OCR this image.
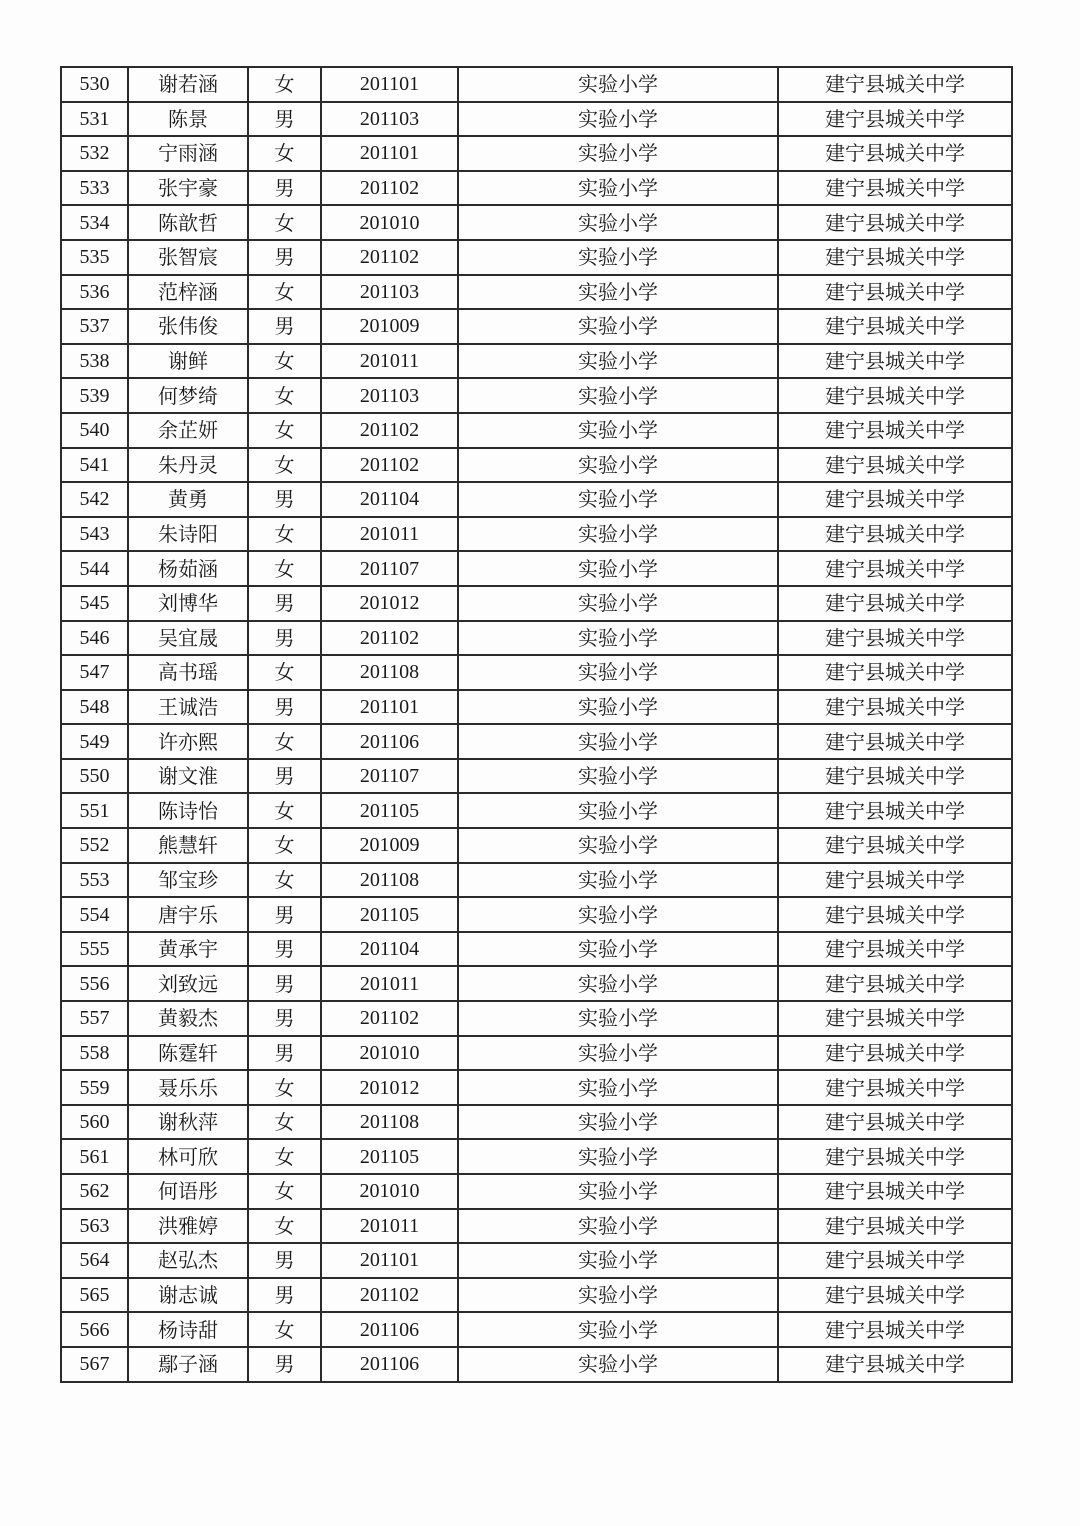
530	谢若涵	女	201101	实验小学	建宁县城关中学
531	陈景	男	201103	实验小学	建宁县城关中学
532	宁雨涵	女	201101	实验小学	建宁县城关中学
533	张宇豪	男	201102	实验小学	建宁县城关中学
534	陈歆哲	女	201010	实验小学	建宁县城关中学
535	张智宸	男	201102	实验小学	建宁县城关中学
536	范梓涵	女	201103	实验小学	建宁县城关中学
537	张伟俊	男	201009	实验小学	建宁县城关中学
538	谢鲜	女	201011	实验小学	建宁县城关中学
539	何梦绮	女	201103	实验小学	建宁县城关中学
540	余芷妍	女	201102	实验小学	建宁县城关中学
541	朱丹灵	女	201102	实验小学	建宁县城关中学
542	黄勇	男	201104	实验小学	建宁县城关中学
543	朱诗阳	女	201011	实验小学	建宁县城关中学
544	杨茹涵	女	201107	实验小学	建宁县城关中学
545	刘博华	男	201012	实验小学	建宁县城关中学
546	吴宜晟	男	201102	实验小学	建宁县城关中学
547	高书瑶	女	201108	实验小学	建宁县城关中学
548	王诚浩	男	201101	实验小学	建宁县城关中学
549	许亦熙	女	201106	实验小学	建宁县城关中学
550	谢文淮	男	201107	实验小学	建宁县城关中学
551	陈诗怡	女	201105	实验小学	建宁县城关中学
552	熊慧轩	女	201009	实验小学	建宁县城关中学
553	邹宝珍	女	201108	实验小学	建宁县城关中学
554	唐宇乐	男	201105	实验小学	建宁县城关中学
555	黄承宇	男	201104	实验小学	建宁县城关中学
556	刘致远	男	201011	实验小学	建宁县城关中学
557	黄毅杰	男	201102	实验小学	建宁县城关中学
558	陈霆轩	男	201010	实验小学	建宁县城关中学
559	聂乐乐	女	201012	实验小学	建宁县城关中学
560	谢秋萍	女	201108	实验小学	建宁县城关中学
561	林可欣	女	201105	实验小学	建宁县城关中学
562	何语彤	女	201010	实验小学	建宁县城关中学
563	洪雅婷	女	201011	实验小学	建宁县城关中学
564	赵弘杰	男	201101	实验小学	建宁县城关中学
565	谢志诚	男	201102	实验小学	建宁县城关中学
566	杨诗甜	女	201106	实验小学	建宁县城关中学
567	鄢子涵	男	201106	实验小学	建宁县城关中学
